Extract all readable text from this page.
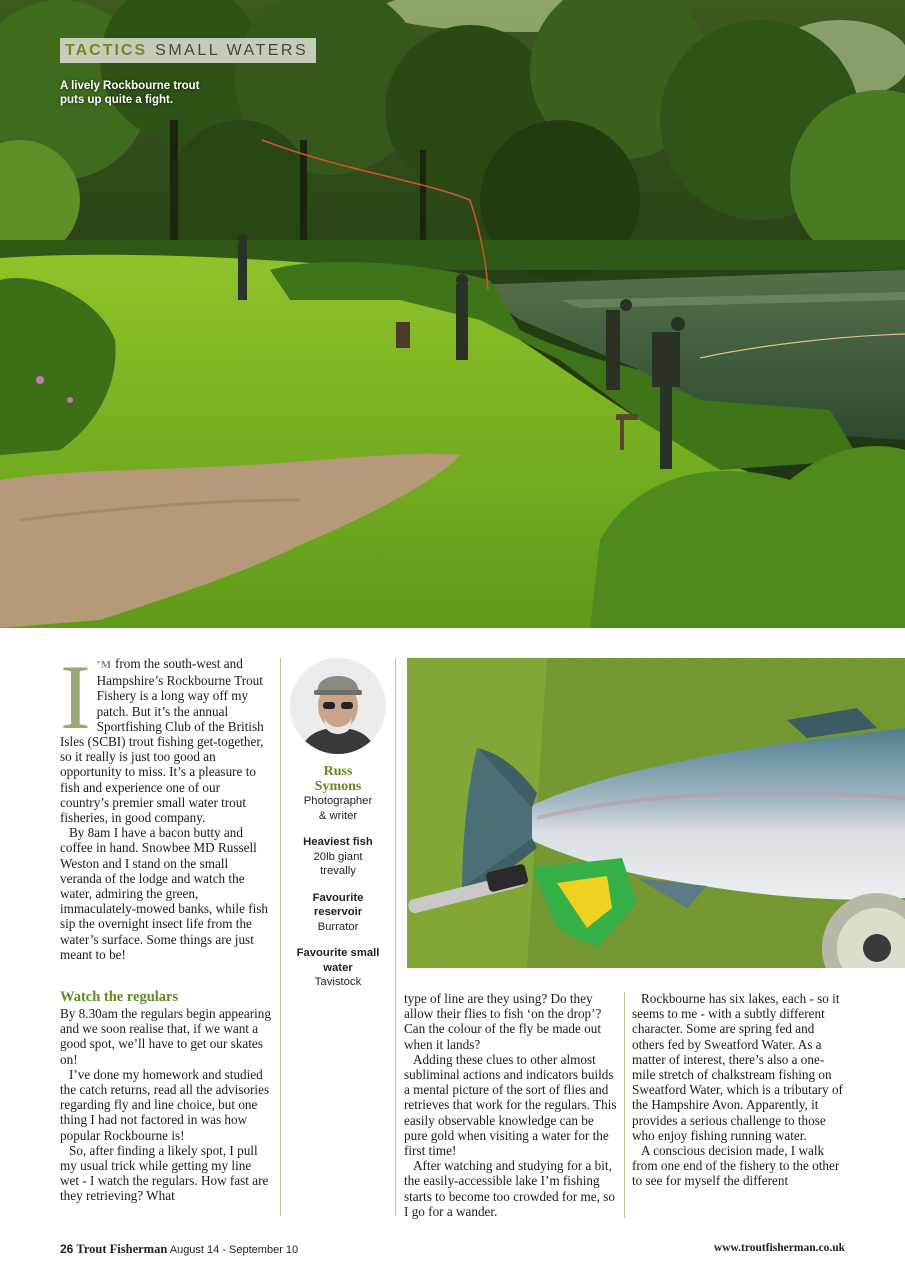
TACTICS SMALL WATERS
A lively Rockbourne trout puts up quite a fight.
I ’M from the south-west and Hampshire’s Rockbourne Trout Fishery is a long way off my patch. But it’s the annual Sportfishing Club of the British Isles (SCBI) trout fishing get-together, so it really is just too good an opportunity to miss. It’s a pleasure to fish and experience one of our country’s premier small water trout fisheries, in good company.

By 8am I have a bacon butty and coffee in hand. Snowbee MD Russell Weston and I stand on the small veranda of the lodge and watch the water, admiring the green, immaculately-mowed banks, while fish sip the overnight insect life from the water’s surface. Some things are just meant to be!

Watch the regulars

By 8.30am the regulars begin appearing and we soon realise that, if we want a good spot, we’ll have to get our skates on!

I’ve done my homework and studied the catch returns, read all the advisories regarding fly and line choice, but one thing I had not factored in was how popular Rockbourne is!

So, after finding a likely spot, I pull my usual trick while getting my line wet - I watch the regulars. How fast are they retrieving? What

Russ
Symons
Photographer
& writer
Heaviest fish
20lb giant
trevally
Favourite
reservoir
Burrator
Favourite small
water
Tavistock

type of line are they using? Do they allow their flies to fish ‘on the drop’? Can the colour of the fly be made out when it lands?

Adding these clues to other almost subliminal actions and indicators builds a mental picture of the sort of flies and retrieves that work for the regulars. This easily observable knowledge can be pure gold when visiting a water for the first time!

After watching and studying for a bit, the easily-accessible lake I’m fishing starts to become too crowded for me, so I go for a wander.

Rockbourne has six lakes, each - so it seems to me - with a subtly different character. Some are spring fed and others fed by Sweatford Water. As a matter of interest, there’s also a one-mile stretch of chalkstream fishing on Sweatford Water, which is a tributary of the Hampshire Avon. Apparently, it provides a serious challenge to those who enjoy fishing running water.

A conscious decision made, I walk from one end of the fishery to the other to see for myself the different

26 Trout Fisherman August 14 - September 10	www.troutfisherman.co.uk
